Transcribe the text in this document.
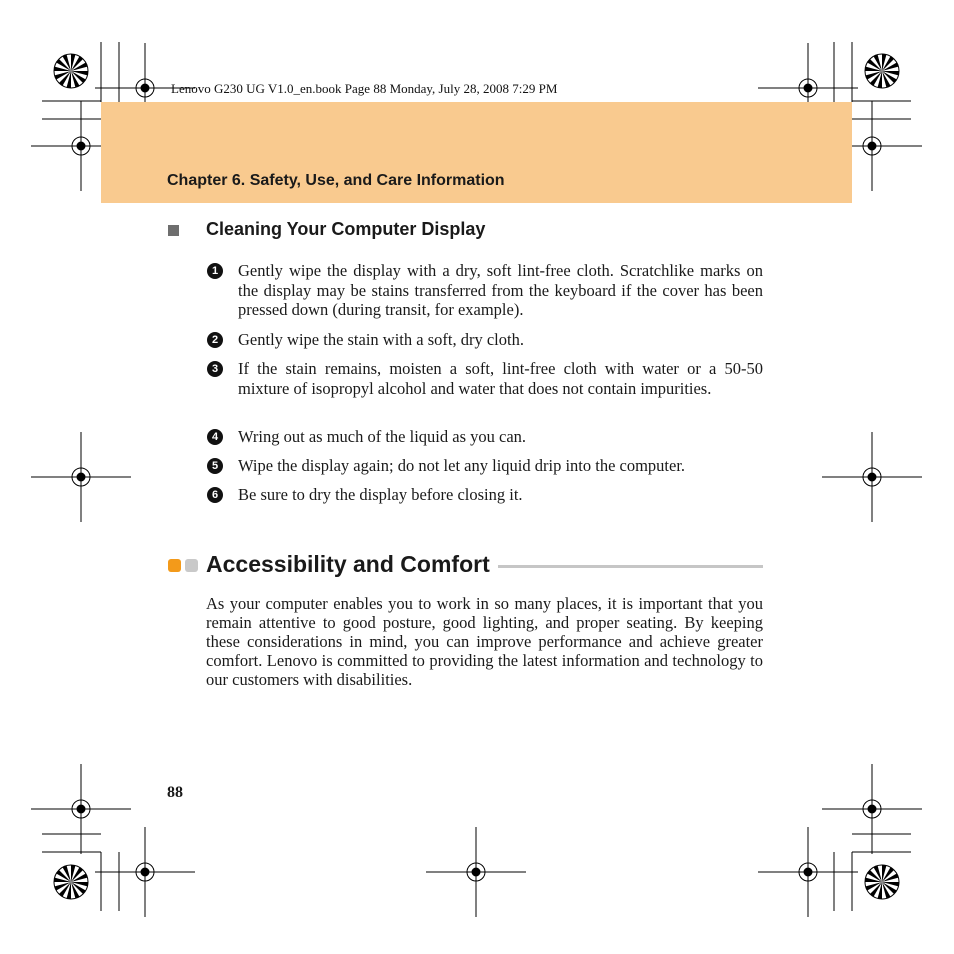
Lenovo G230 UG V1.0_en.book Page 88 Monday, July 28, 2008 7:29 PM
Chapter 6. Safety, Use, and Care Information
Cleaning Your Computer Display
1 Gently wipe the display with a dry, soft lint-free cloth. Scratchlike marks on the display may be stains transferred from the keyboard if the cover has been pressed down (during transit, for example).
2 Gently wipe the stain with a soft, dry cloth.
3 If the stain remains, moisten a soft, lint-free cloth with water or a 50-50 mixture of isopropyl alcohol and water that does not contain impurities.
4 Wring out as much of the liquid as you can.
5 Wipe the display again; do not let any liquid drip into the computer.
6 Be sure to dry the display before closing it.
Accessibility and Comfort
As your computer enables you to work in so many places, it is important that you remain attentive to good posture, good lighting, and proper seating. By keeping these considerations in mind, you can improve performance and achieve greater comfort. Lenovo is committed to providing the latest information and technology to our customers with disabilities.
88
